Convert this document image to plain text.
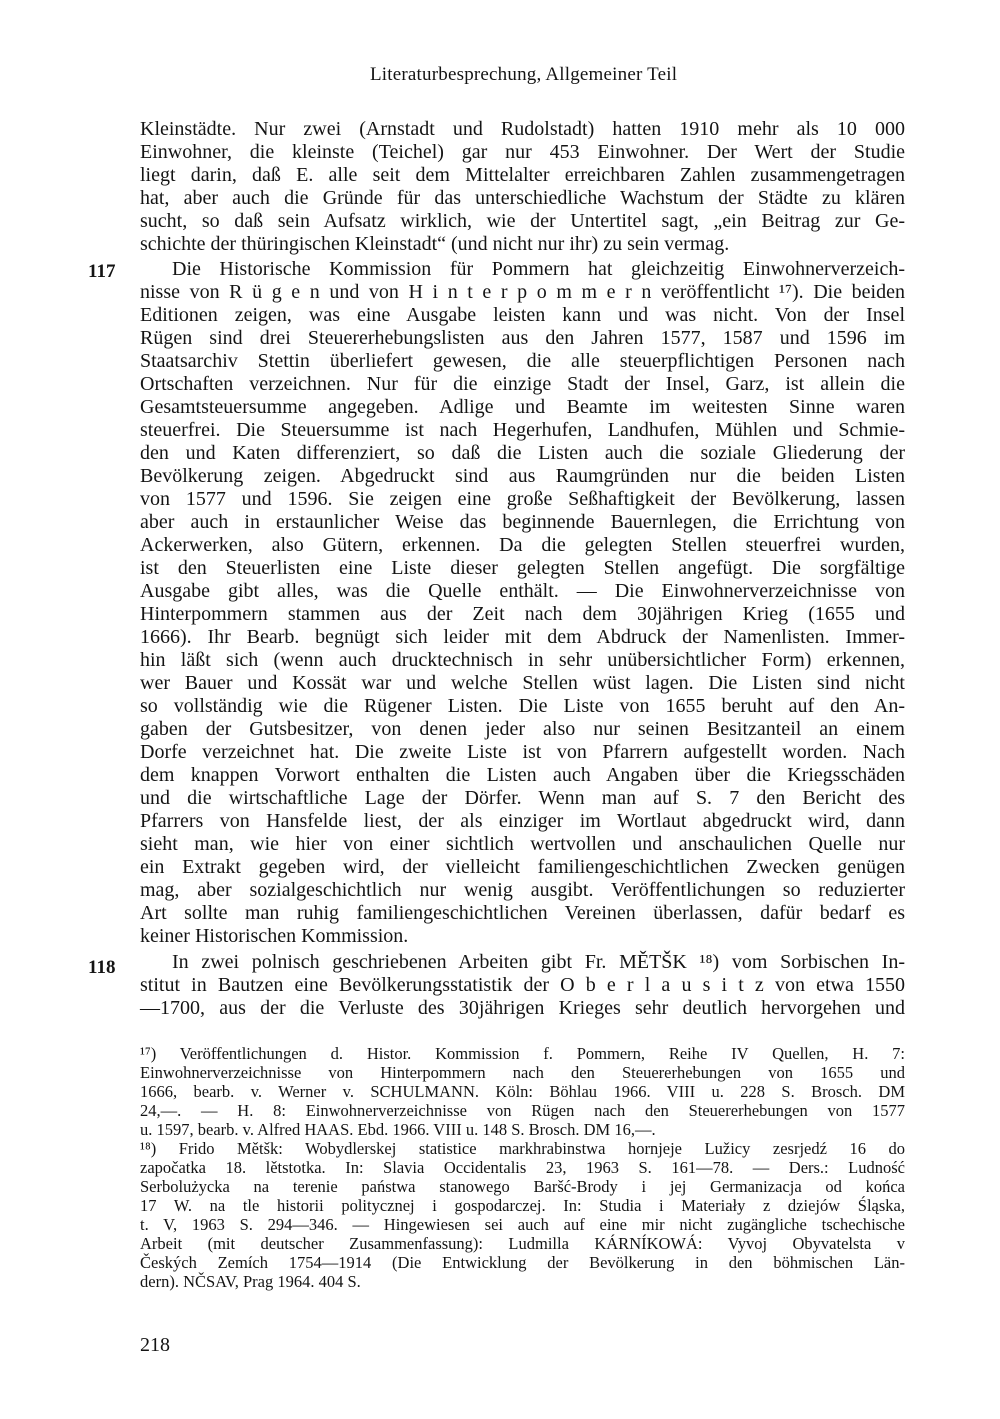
Literaturbesprechung, Allgemeiner Teil
117
118
Kleinstädte. Nur zwei (Arnstadt und Rudolstadt) hatten 1910 mehr als 10 000
Einwohner, die kleinste (Teichel) gar nur 453 Einwohner. Der Wert der Studie
liegt darin, daß E. alle seit dem Mittelalter erreichbaren Zahlen zusammengetragen
hat, aber auch die Gründe für das unterschiedliche Wachstum der Städte zu klären
sucht, so daß sein Aufsatz wirklich, wie der Untertitel sagt, „ein Beitrag zur Ge-
schichte der thüringischen Kleinstadt“ (und nicht nur ihr) zu sein vermag.
Die Historische Kommission für Pommern hat gleichzeitig Einwohnerverzeich-
nisse von R ü g e n und von H i n t e r p o m m e r n veröffentlicht ¹⁷). Die beiden
Editionen zeigen, was eine Ausgabe leisten kann und was nicht. Von der Insel
Rügen sind drei Steuererhebungslisten aus den Jahren 1577, 1587 und 1596 im
Staatsarchiv Stettin überliefert gewesen, die alle steuerpflichtigen Personen nach
Ortschaften verzeichnen. Nur für die einzige Stadt der Insel, Garz, ist allein die
Gesamtsteuersumme angegeben. Adlige und Beamte im weitesten Sinne waren
steuerfrei. Die Steuersumme ist nach Hegerhufen, Landhufen, Mühlen und Schmie-
den und Katen differenziert, so daß die Listen auch die soziale Gliederung der
Bevölkerung zeigen. Abgedruckt sind aus Raumgründen nur die beiden Listen
von 1577 und 1596. Sie zeigen eine große Seßhaftigkeit der Bevölkerung, lassen
aber auch in erstaunlicher Weise das beginnende Bauernlegen, die Errichtung von
Ackerwerken, also Gütern, erkennen. Da die gelegten Stellen steuerfrei wurden,
ist den Steuerlisten eine Liste dieser gelegten Stellen angefügt. Die sorgfältige
Ausgabe gibt alles, was die Quelle enthält. — Die Einwohnerverzeichnisse von
Hinterpommern stammen aus der Zeit nach dem 30jährigen Krieg (1655 und
1666). Ihr Bearb. begnügt sich leider mit dem Abdruck der Namenlisten. Immer-
hin läßt sich (wenn auch drucktechnisch in sehr unübersichtlicher Form) erkennen,
wer Bauer und Kossät war und welche Stellen wüst lagen. Die Listen sind nicht
so vollständig wie die Rügener Listen. Die Liste von 1655 beruht auf den An-
gaben der Gutsbesitzer, von denen jeder also nur seinen Besitzanteil an einem
Dorfe verzeichnet hat. Die zweite Liste ist von Pfarrern aufgestellt worden. Nach
dem knappen Vorwort enthalten die Listen auch Angaben über die Kriegsschäden
und die wirtschaftliche Lage der Dörfer. Wenn man auf S. 7 den Bericht des
Pfarrers von Hansfelde liest, der als einziger im Wortlaut abgedruckt wird, dann
sieht man, wie hier von einer sichtlich wertvollen und anschaulichen Quelle nur
ein Extrakt gegeben wird, der vielleicht familiengeschichtlichen Zwecken genügen
mag, aber sozialgeschichtlich nur wenig ausgibt. Veröffentlichungen so reduzierter
Art sollte man ruhig familiengeschichtlichen Vereinen überlassen, dafür bedarf es
keiner Historischen Kommission.
In zwei polnisch geschriebenen Arbeiten gibt Fr. MĚTŠK ¹⁸) vom Sorbischen In-
stitut in Bautzen eine Bevölkerungsstatistik der O b e r l a u s i t z von etwa 1550
—1700, aus der die Verluste des 30jährigen Krieges sehr deutlich hervorgehen und
¹⁷) Veröffentlichungen d. Histor. Kommission f. Pommern, Reihe IV Quellen, H. 7:
Einwohnerverzeichnisse von Hinterpommern nach den Steuererhebungen von 1655 und
1666, bearb. v. Werner v. SCHULMANN. Köln: Böhlau 1966. VIII u. 228 S. Brosch. DM
24,—. — H. 8: Einwohnerverzeichnisse von Rügen nach den Steuererhebungen von 1577
u. 1597, bearb. v. Alfred HAAS. Ebd. 1966. VIII u. 148 S. Brosch. DM 16,—.
¹⁸) Frido Mětšk: Wobydlerskej statistice markhrabinstwa hornjeje Lužicy zesrjedź 16 do
započatka 18. lětstotka. In: Slavia Occidentalis 23, 1963 S. 161—78. — Ders.: Ludność
Serbolużycka na terenie państwa stanowego Baršć-Brody i jej Germanizacja od końca
17 W. na tle historii politycznej i gospodarczej. In: Studia i Materiały z dziejów Śląska,
t. V, 1963 S. 294—346. — Hingewiesen sei auch auf eine mir nicht zugängliche tschechische
Arbeit (mit deutscher Zusammenfassung): Ludmilla KÁRNÍKOWÁ: Vyvoj Obyvatelsta v
Českých Zemích 1754—1914 (Die Entwicklung der Bevölkerung in den böhmischen Län-
dern). NČSAV, Prag 1964. 404 S.
218
